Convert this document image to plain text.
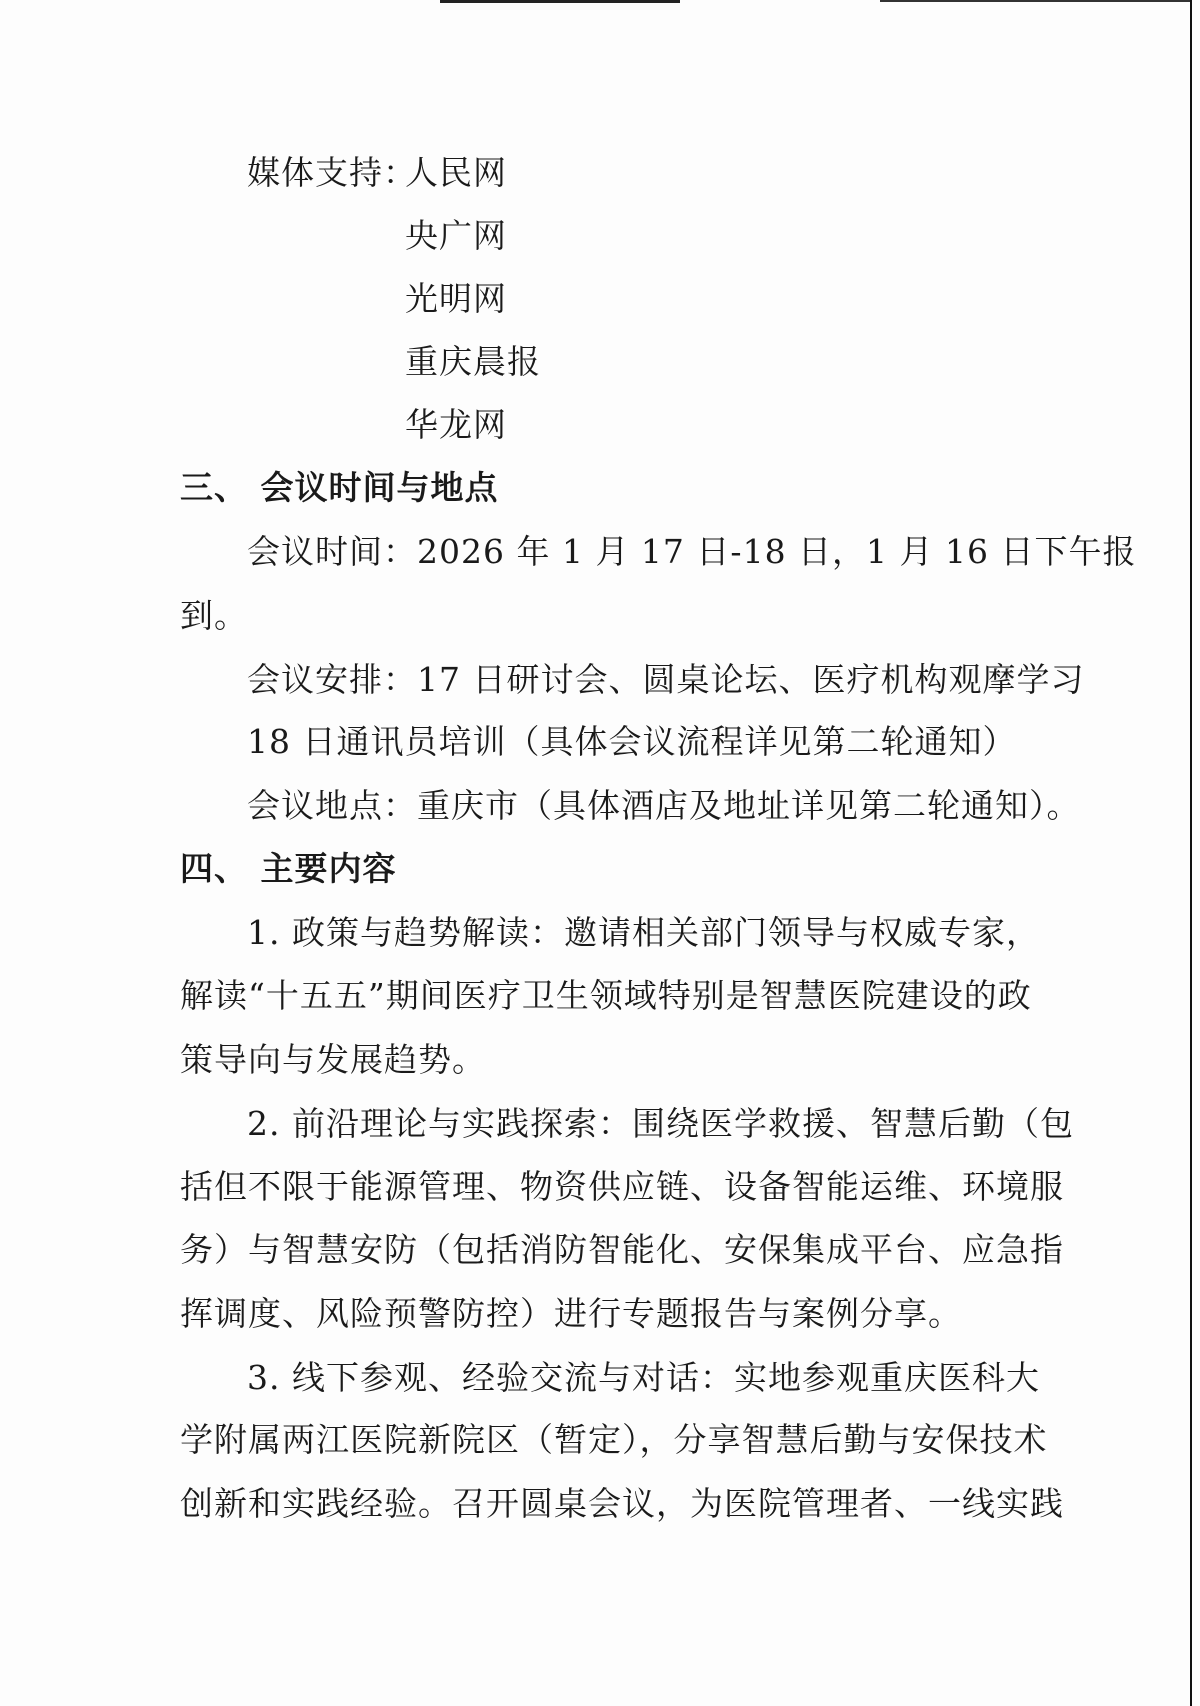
媒体支持：
人民网
央广网
光明网
重庆晨报
华龙网
三、 会议时间与地点
会议时间：2026 年 1 月 17 日-18 日，1 月 16 日下午报
到。
会议安排：17 日研讨会、圆桌论坛、医疗机构观摩学习
18 日通讯员培训（具体会议流程详见第二轮通知）
会议地点：重庆市（具体酒店及地址详见第二轮通知）。
四、 主要内容
1. 政策与趋势解读：邀请相关部门领导与权威专家，
解读“十五五”期间医疗卫生领域特别是智慧医院建设的政
策导向与发展趋势。
2. 前沿理论与实践探索：围绕医学救援、智慧后勤（包
括但不限于能源管理、物资供应链、设备智能运维、环境服
务）与智慧安防（包括消防智能化、安保集成平台、应急指
挥调度、风险预警防控）进行专题报告与案例分享。
3. 线下参观、经验交流与对话：实地参观重庆医科大
学附属两江医院新院区（暂定），分享智慧后勤与安保技术
创新和实践经验。召开圆桌会议，为医院管理者、一线实践
